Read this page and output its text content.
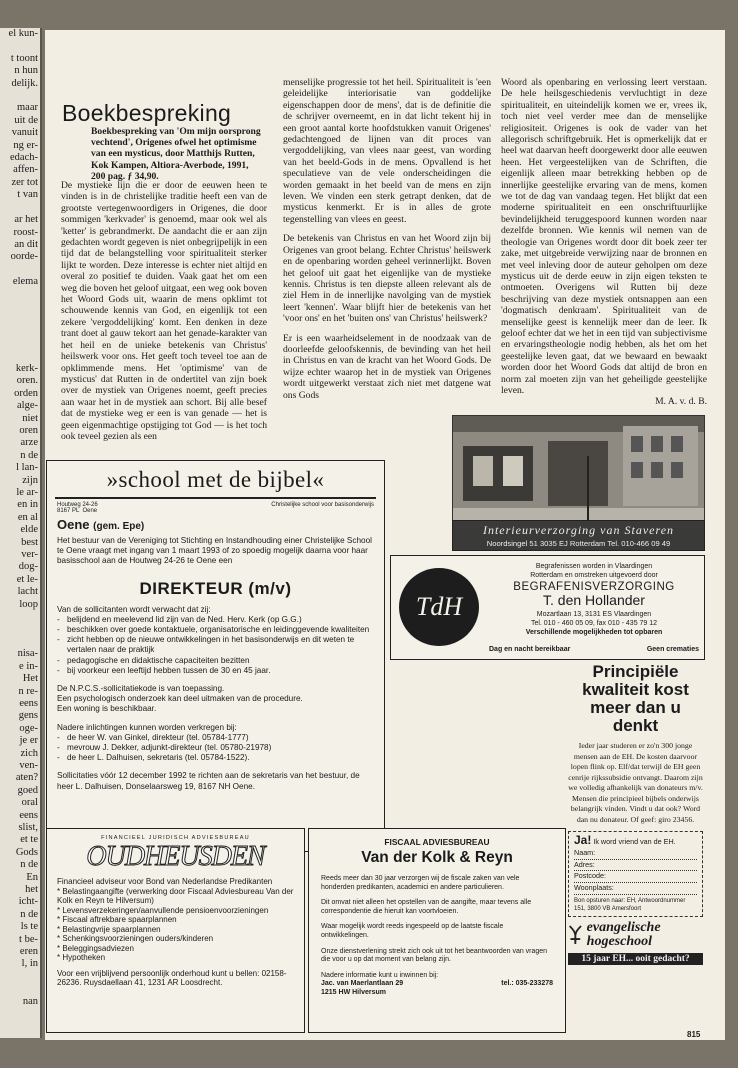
el kun-

t toont
n hun
delijk.

maar
uit de
vanuit
ng er-
edach-
affen-
zer tot
t van

ar het
roost-
an dit
oorde-

elema

kerk-
oren.
orden
alge-
niet
oren
arze
n de
l lan-
zijn
le ar-
en in
en al
elde
best
ver-
dog-
et le-
lacht
loop

nisa-
e in-
Het
n re-
eens
gens
oge-
je er
zich
ven-
aten?
goed
oral
eens
slist,
et te
Gods
n de
En
het
icht-
n de
ls te
t be-
eren
l, in

nan
Boekbespreking
Boekbespreking van 'Om mijn oorsprong vechtend', Origenes ofwel het optimisme van een mysticus, door Matthijs Rutten, Kok Kampen, Altiora-Averbode, 1991, 200 pag. ƒ 34,90.

De mystieke lijn die er door de eeuwen heen te vinden is in de christelijke traditie heeft een van de grootste vertegenwoordigers in Origenes, die door sommigen 'kerkvader' is genoemd, maar ook wel als 'ketter' is gebrandmerkt. De aandacht die er aan zijn gedachten wordt gegeven is niet onbegrijpelijk in een tijd dat de belangstelling voor spiritualiteit sterker lijkt te worden. Deze interesse is echter niet altijd en overal zo positief te duiden. Vaak gaat het om een weg die boven het geloof uitgaat, een weg ook boven het Woord Gods uit, waarin de mens opklimt tot schouwende kennis van God, en eigenlijk tot een zekere 'vergoddelijking' komt. Een denken in deze trant doet al gauw tekort aan het genade-karakter van het heil en de unieke betekenis van Christus' heilswerk voor ons. Het geeft toch teveel toe aan de opklimmende mens. Het 'optimisme' van de mysticus' dat Rutten in de ondertitel van zijn boek over de mystiek van Origenes noemt, geeft precies aan waar het in de mystiek aan schort. Bij alle besef dat de mystieke weg er een is van genade — het is geen eigenmachtige opstijging tot God — is het toch ook teveel gezien als een

menselijke progressie tot het heil. Spiritualiteit is 'een geleidelijke interiorisatie van goddelijke eigenschappen door de mens', dat is de definitie die de schrijver overneemt, en in dat licht tekent hij in een groot aantal korte hoofdstukken vanuit Origenes' gedachtengoed de lijnen van dit proces van vergoddelijking, van vlees naar geest, van wording van het beeld-Gods in de mens. Opvallend is het speculatieve van de vele onderscheidingen die worden gemaakt in het beeld van de mens en zijn leven. We vinden een sterk getrapt denken, dat de mysticus kenmerkt. Er is in alles de grote tegenstelling van vlees en geest.

De betekenis van Christus en van het Woord zijn bij Origenes van groot belang. Echter Christus' heilswerk en de openbaring worden geheel verinnerlijkt. Boven het geloof uit gaat het eigenlijke van de mystieke kennis. Christus is ten diepste alleen relevant als de ziel Hem in de innerlijke navolging van de mystiek leert 'kennen'. Waar blijft hier de betekenis van het 'voor ons' en het 'buiten ons' van Christus' heilswerk?

Er is een waarheidselement in de noodzaak van de doorleefde geloofskennis, de bevinding van het heil in Christus en van de kracht van het Woord Gods. De wijze echter waarop het in de mystiek van Origenes wordt uitgewerkt verstaat zich niet met datgene wat ons Gods

Woord als openbaring en verlossing leert verstaan. De hele heilsgeschiedenis vervluchtigt in deze spiritualiteit, en uiteindelijk komen we er, vrees ik, toch niet veel verder mee dan de menselijke religiositeit. Origenes is ook de vader van het allegorisch schriftgebruik. Het is opmerkelijk dat er heel wat daarvan heeft doorgewerkt door alle eeuwen heen. Het vergeestelijken van de Schriften, die eigenlijk alleen maar betrekking hebben op de innerlijke geestelijke ervaring van de mens, komen we tot de dag van vandaag tegen. Het blijkt dat een moderne spiritualiteit en een onschriftuurlijke bevindelijkheid teruggespoord kunnen worden naar dezelfde bronnen. Wie kennis wil nemen van de theologie van Origenes wordt door dit boek zeer ter zake, met uitgebreide verwijzing naar de bronnen en met veel inleving door de auteur geholpen om deze mysticus uit de derde eeuw in zijn eigen teksten te ontmoeten. Overigens wil Rutten bij deze beschrijving van deze mystiek ontsnappen aan een 'dogmatisch denkraam'. Spiritualiteit van de menselijke geest is kennelijk meer dan de leer. Ik geloof echter dat we het in een tijd van subjectivisme en ervaringstheologie nodig hebben, als het om het geestelijke leven gaat, dat we bewaard en bewaakt worden door het Woord Gods dat altijd de bron en norm zal moeten zijn van het geheiligde geestelijke leven.

M. A. v. d. B.
Interieurverzorging van Staveren
Noordsingel 51 3035 EJ Rotterdam Tel. 010-466 09 49
»school met de bijbel«
Houtweg 24-26
8167 PL  Oene
Christelijke school voor basisonderwijs
Oene (gem. Epe)
Het bestuur van de Vereniging tot Stichting en Instandhouding einer Christelijke School te Oene vraagt met ingang van 1 maart 1993 of zo spoedig mogelijk daarna voor haar basisschool aan de Houtweg 24-26 te Oene een
DIREKTEUR (m/v)
Van de sollicitanten wordt verwacht dat zij:
- belijdend en meelevend lid zijn van de Ned. Herv. Kerk (op G.G.)
- beschikken over goede kontaktuele, organisatorische en leidinggevende kwaliteiten
- zicht hebben op de nieuwe ontwikkelingen in het basisonderwijs en dit weten te vertalen naar de praktijk
- pedagogische en didaktische capaciteiten bezitten
- bij voorkeur een leeftijd hebben tussen de 30 en 45 jaar.
De N.P.C.S.-sollicitatiekode is van toepassing.
Een psychologisch onderzoek kan deel uitmaken van de procedure.
Een woning is beschikbaar.
Nadere inlichtingen kunnen worden verkregen bij:
- de heer W. van Ginkel, direkteur (tel. 05784-1777)
- mevrouw J. Dekker, adjunkt-direkteur (tel. 05780-21978)
- de heer L. Dalhuisen, sekretaris (tel. 05784-1522).
Sollicitaties vóór 12 december 1992 te richten aan de sekretaris van het bestuur, de heer L. Dalhuisen, Donselaarsweg 19, 8167 NH Oene.
TdH
Begrafenissen worden in Vlaardingen
Rotterdam en omstreken uitgevoerd door
BEGRAFENISVERZORGING
T. den Hollander
Mozartlaan 13, 3131 ES Vlaardingen
Tel. 010 - 460 05 09, fax 010 - 435 79 12
Verschillende mogelijkheden tot opbaren
Dag en nacht bereikbaar	Geen crematies
Principiële kwaliteit kost meer dan u denkt
Ieder jaar studeren er zo'n 300 jonge mensen aan de EH. De kosten daarvoor lopen flink op. Elf/dat terwijl de EH geen cenrije rijkssubsidie ontvangt. Daarom zijn we volledig afhankelijk van donateurs m/v. Mensen die principieel bijbels onderwijs belangrijk vinden. Vindt u dat ook? Word dan nu donateur. Of geef: giro 23456.
Ja! Ik word vriend van de EH.
Naam:
Adres:
Postcode:
Woonplaats:
Bon opsturen naar: EH, Antwoordnummer 151, 3800 VB Amersfoort
evangelische hogeschool
15 jaar EH... ooit gedacht?
FINANCIEEL JURIDISCH ADVIESBUREAU
OUDHEUSDEN
Financieel adviseur voor Bond van Nederlandse Predikanten
* Belastingaangifte (verwerking door Fiscaal Adviesbureau Van der Kolk en Reyn te Hilversum)
* Levensverzekeringen/aanvullende pensioenvoorzieningen
* Fiscaal aftrekbare spaarplannen
* Belastingvrije spaarplannen
* Schenkingsvoorzieningen ouders/kinderen
* Beleggingsadviezen
* Hypotheken
Voor een vrijblijvend persoonlijk onderhoud kunt u bellen: 02158-26236. Ruysdaellaan 41, 1231 AR Loosdrecht.
FISCAAL ADVIESBUREAU
Van der Kolk & Reyn

Reeds meer dan 30 jaar verzorgen wij de fiscale zaken van vele honderden predikanten, academici en andere particulieren.

Dit omvat niet alleen het opstellen van de aangifte, maar tevens alle correspondentie die hieruit kan voortvloeien.

Waar mogelijk wordt reeds ingespeeld op de laatste fiscale ontwikkelingen.

Onze dienstverlening strekt zich ook uit tot het beantwoorden van vragen die voor u op dat moment van belang zijn.

Nadere informatie kunt u inwinnen bij:
Jac. van Maerlantlaan 29	tel.: 035-233278
1215 HW Hilversum
815
